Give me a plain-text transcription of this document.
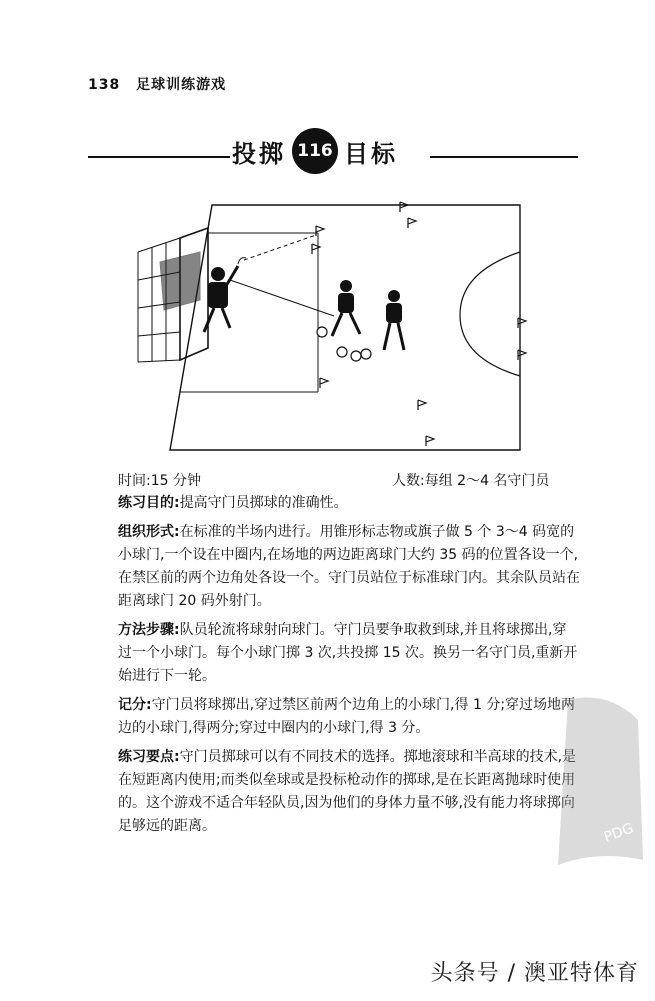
138 足球训练游戏
投掷 116 目标
时间:15 分钟	人数:每组 2～4 名守门员

练习目的:提高守门员掷球的准确性。

组织形式:在标准的半场内进行。用锥形标志物或旗子做 5 个 3～4 码宽的小球门,一个设在中圈内,在场地的两边距离球门大约 35 码的位置各设一个,在禁区前的两个边角处各设一个。守门员站位于标准球门内。其余队员站在距离球门 20 码外射门。

方法步骤:队员轮流将球射向球门。守门员要争取救到球,并且将球掷出,穿过一个小球门。每个小球门掷 3 次,共投掷 15 次。换另一名守门员,重新开始进行下一轮。

记分:守门员将球掷出,穿过禁区前两个边角上的小球门,得 1 分;穿过场地两边的小球门,得两分;穿过中圈内的小球门,得 3 分。

练习要点:守门员掷球可以有不同技术的选择。掷地滚球和半高球的技术,是在短距离内使用;而类似垒球或是投标枪动作的掷球,是在长距离抛球时使用的。这个游戏不适合年轻队员,因为他们的身体力量不够,没有能力将球掷向足够远的距离。	PDG
头条号 / 澳亚特体育
